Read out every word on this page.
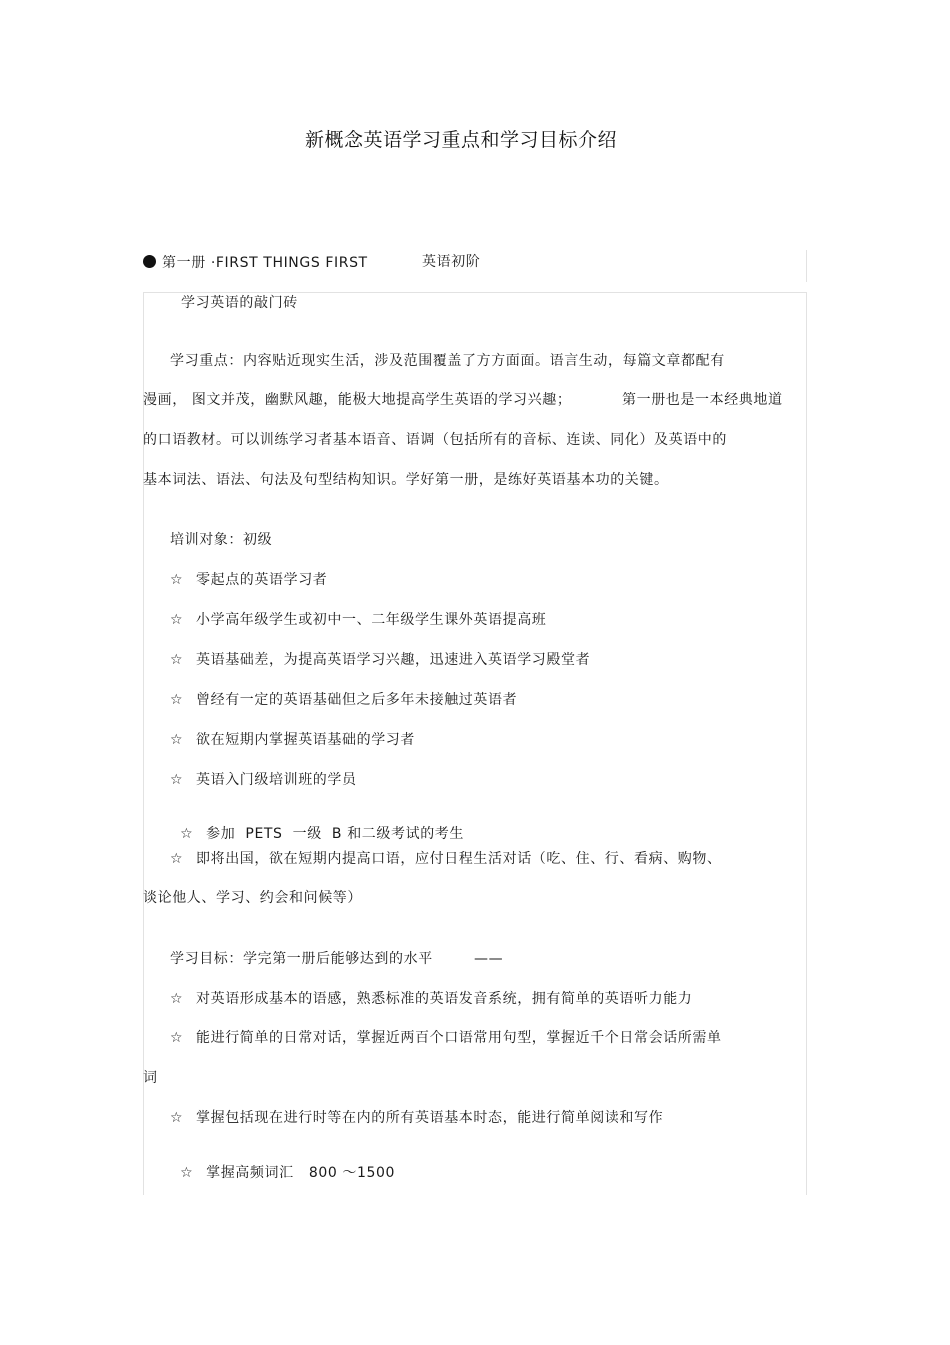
新概念英语学习重点和学习目标介绍
第一册 ·FIRST THINGS FIRST	英语初阶
学习英语的敲门砖
学习重点：内容贴近现实生活，涉及范围覆盖了方方面面。语言生动，每篇文章都配有
漫画， 图文并茂，幽默风趣，能极大地提高学生英语的学习兴趣；	第一册也是一本经典地道
的口语教材。可以训练学习者基本语音、语调（包括所有的音标、连读、同化）及英语中的
基本词法、语法、句法及句型结构知识。学好第一册，是练好英语基本功的关键。
培训对象：初级
☆ 零起点的英语学习者
☆ 小学高年级学生或初中一、二年级学生课外英语提高班
☆ 英语基础差，为提高英语学习兴趣，迅速进入英语学习殿堂者
☆ 曾经有一定的英语基础但之后多年未接触过英语者
☆ 欲在短期内掌握英语基础的学习者
☆ 英语入门级培训班的学员

☆ 参加  PETS  一级  B 和二级考试的考生

☆ 即将出国，欲在短期内提高口语，应付日程生活对话（吃、住、行、看病、购物、
谈论他人、学习、约会和问候等）
学习目标：学完第一册后能够达到的水平	——
☆ 对英语形成基本的语感，熟悉标准的英语发音系统，拥有简单的英语听力能力
☆ 能进行简单的日常对话，掌握近两百个口语常用句型，掌握近千个日常会话所需单
词
☆ 掌握包括现在进行时等在内的所有英语基本时态，能进行简单阅读和写作

☆ 掌握高频词汇   800 ～1500
